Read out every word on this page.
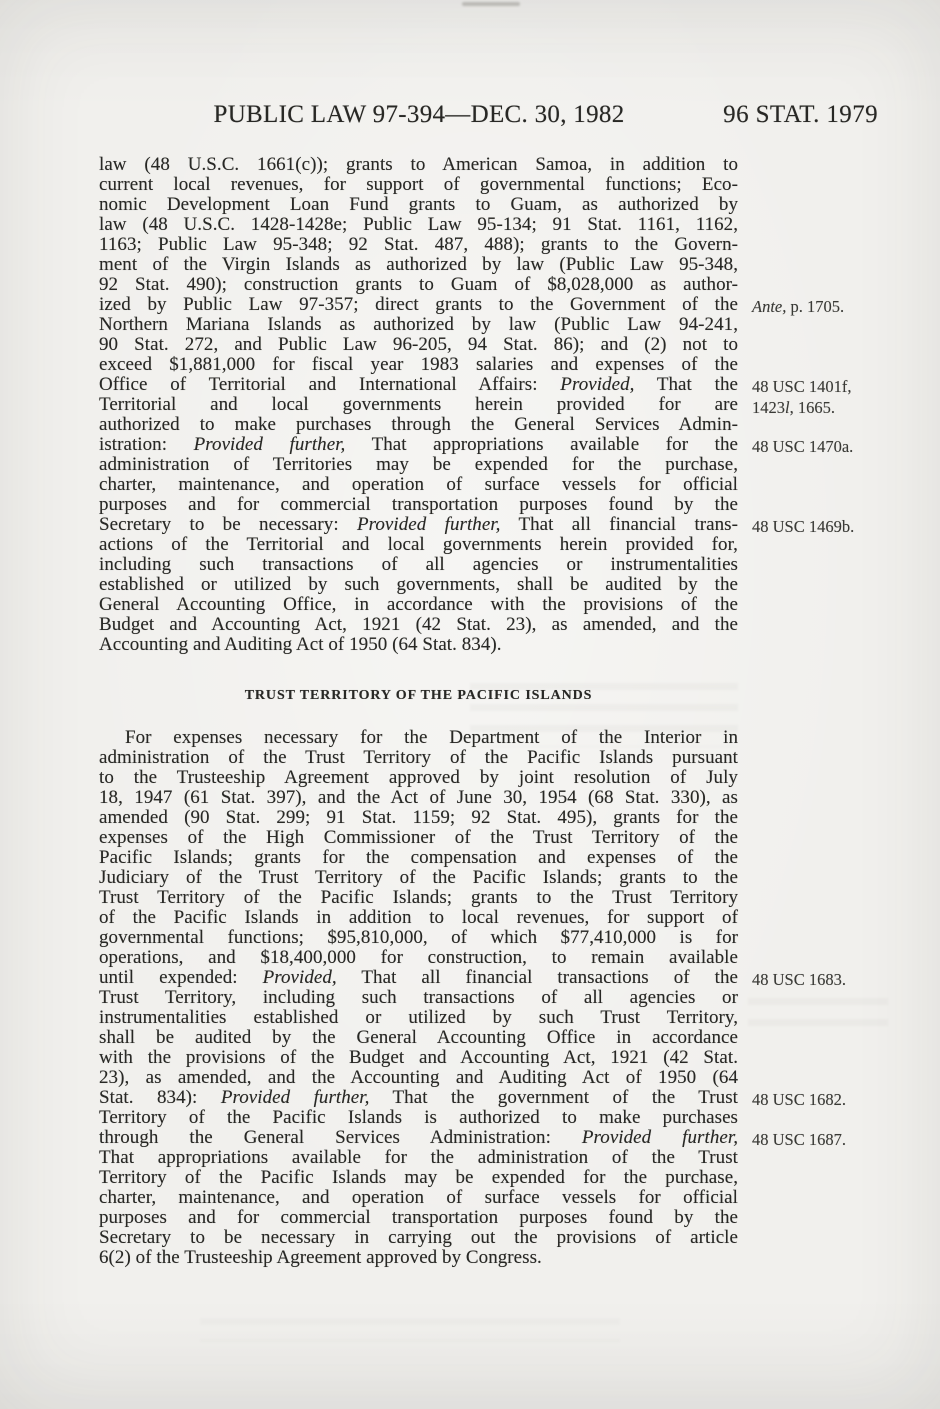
PUBLIC LAW 97-394—DEC. 30, 1982	96 STAT. 1979
law (48 U.S.C. 1661(c)); grants to American Samoa, in addition to
current local revenues, for support of governmental functions; Eco-
nomic Development Loan Fund grants to Guam, as authorized by
law (48 U.S.C. 1428-1428e; Public Law 95-134; 91 Stat. 1161, 1162,
1163; Public Law 95-348; 92 Stat. 487, 488); grants to the Govern-
ment of the Virgin Islands as authorized by law (Public Law 95-348,
92 Stat. 490); construction grants to Guam of $8,028,000 as author-
ized by Public Law 97-357; direct grants to the Government of the
Northern Mariana Islands as authorized by law (Public Law 94-241,
90 Stat. 272, and Public Law 96-205, 94 Stat. 86); and (2) not to
exceed $1,881,000 for fiscal year 1983 salaries and expenses of the
Office of Territorial and International Affairs: Provided, That the
Territorial and local governments herein provided for are
authorized to make purchases through the General Services Admin-
istration: Provided further, That appropriations available for the
administration of Territories may be expended for the purchase,
charter, maintenance, and operation of surface vessels for official
purposes and for commercial transportation purposes found by the
Secretary to be necessary: Provided further, That all financial trans-
actions of the Territorial and local governments herein provided for,
including such transactions of all agencies or instrumentalities
established or utilized by such governments, shall be audited by the
General Accounting Office, in accordance with the provisions of the
Budget and Accounting Act, 1921 (42 Stat. 23), as amended, and the
Accounting and Auditing Act of 1950 (64 Stat. 834).
TRUST TERRITORY OF THE PACIFIC ISLANDS
For expenses necessary for the Department of the Interior in
administration of the Trust Territory of the Pacific Islands pursuant
to the Trusteeship Agreement approved by joint resolution of July
18, 1947 (61 Stat. 397), and the Act of June 30, 1954 (68 Stat. 330), as
amended (90 Stat. 299; 91 Stat. 1159; 92 Stat. 495), grants for the
expenses of the High Commissioner of the Trust Territory of the
Pacific Islands; grants for the compensation and expenses of the
Judiciary of the Trust Territory of the Pacific Islands; grants to the
Trust Territory of the Pacific Islands; grants to the Trust Territory
of the Pacific Islands in addition to local revenues, for support of
governmental functions; $95,810,000, of which $77,410,000 is for
operations, and $18,400,000 for construction, to remain available
until expended: Provided, That all financial transactions of the
Trust Territory, including such transactions of all agencies or
instrumentalities established or utilized by such Trust Territory,
shall be audited by the General Accounting Office in accordance
with the provisions of the Budget and Accounting Act, 1921 (42 Stat.
23), as amended, and the Accounting and Auditing Act of 1950 (64
Stat. 834): Provided further, That the government of the Trust
Territory of the Pacific Islands is authorized to make purchases
through the General Services Administration: Provided further,
That appropriations available for the administration of the Trust
Territory of the Pacific Islands may be expended for the purchase,
charter, maintenance, and operation of surface vessels for official
purposes and for commercial transportation purposes found by the
Secretary to be necessary in carrying out the provisions of article
6(2) of the Trusteeship Agreement approved by Congress.
Ante, p. 1705.
48 USC 1401f,
1423l, 1665.
48 USC 1470a.
48 USC 1469b.
48 USC 1683.
48 USC 1682.
48 USC 1687.
